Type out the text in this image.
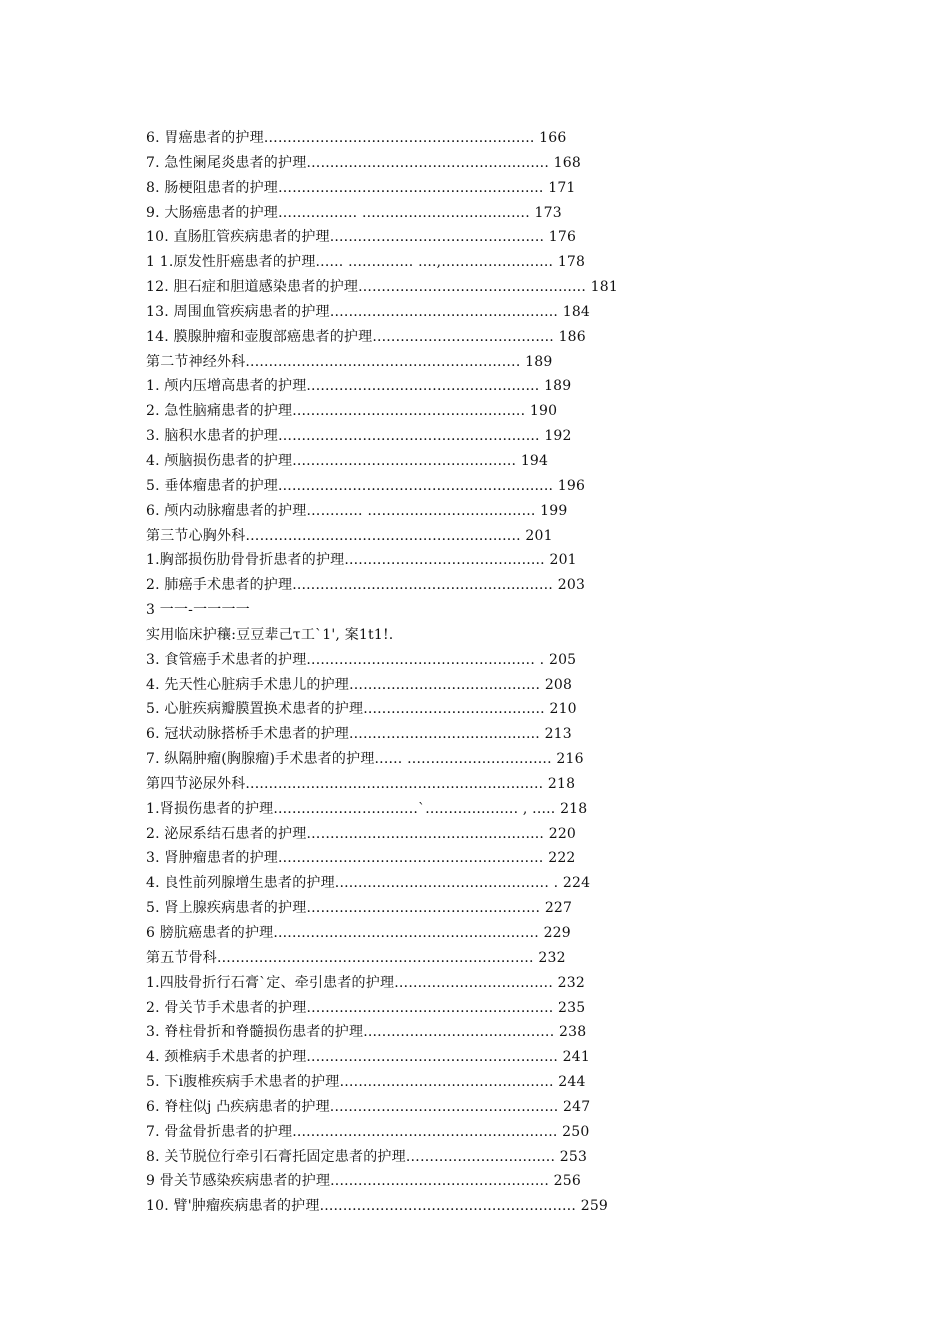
6. 胃癌患者的护理…........……...............…....................... 166
7. 急性阑尾炎患者的护理….................….........…................. 168
8. 肠梗阻患者的护理…................…................................... 171
9. 大肠癌患者的护理….............. ................….............…. 173
10. 直肠肛管疾病患者的护理........…..................….............. 176
1 1.原发性肝癌患者的护理...... ..…......... ....,...….................. 178
12. 胆石症和胆道感染患者的护理................................................. 181
13. 周围血管疾病患者的护理…...........................…................ 184
14. 膜腺肿瘤和壶腹部癌患者的护理...................…................. 186
第二节神经外科..............................…..........….........…. 189
1. 颅内压增高患者的护理........….................…................... 189
2. 急性脑痛患者的护理..............................…….............. 190
3. 脑积水患者的护理…........…….......…................….......... 192
4. 颅脑损伤患者的护理.......…........…......….................. 194
5. 垂体瘤患者的护理................….......….................….......... 196
6. 颅内动脉瘤患者的护理……...... ……..............…............. 199
第三节心胸外科………...............................…................ 201
1.胸部损伤肋骨骨折患者的护理........…...........….................. 201
2. 肺癌手术患者的护理...............................…...................… 203
3 一一-一一一一
实用临床护穰:豆豆辈己τ工`1', 案1t1!.
3. 食管癌手术患者的护理..............................…….........…. . 205
4. 先天性心脏病手术患儿的护理…..................................…. 208
5. 心脏疾病瓣膜置换术患者的护理.................…................... 210
6. 冠状动脉搭桥手术患者的护理........….............................. 213
7. 纵隔肿瘤(胸腺瘤)手术患者的护理...... ..…................…....... 216
第四节泌尿外科.............…................................................ 218
1.肾损伤患者的护理................…….........`.................... , ..... 218
2. 泌尿系结石患者的护理……............................................. 220
3. 肾肿瘤患者的护理...................................................…… 222
4. 良性前列腺增生患者的护理..........................................…. . 224
5. 肾上腺疾病患者的护理….........................…….........……. 227
6 膀肮癌患者的护理.................….................................…. 229
第五节骨科.........................................…....................…. 232
1.四肢骨折行石膏`定、牵引患者的护理….................….......…. 232
2. 骨关节手术患者的护理…...............................…................ 235
3. 脊柱骨折和脊髓损伤患者的护理..................................……. 238
4. 颈椎病手术患者的护理.......…..........................…............... 241
5. 下i腹椎疾病手术患者的护理…........................................... 244
6. 脊柱似j 凸疾病患者的护理........….........….........….............. 247
7. 骨盆骨折患者的护理...................................…................... 250
8. 关节脱位行牵引石膏托固定患者的护理…….......................... 253
9 骨关节感染疾病患者的护理...........................................…. 256
10. 臂'肿瘤疾病患者的护理..................…...................…........…. 259
